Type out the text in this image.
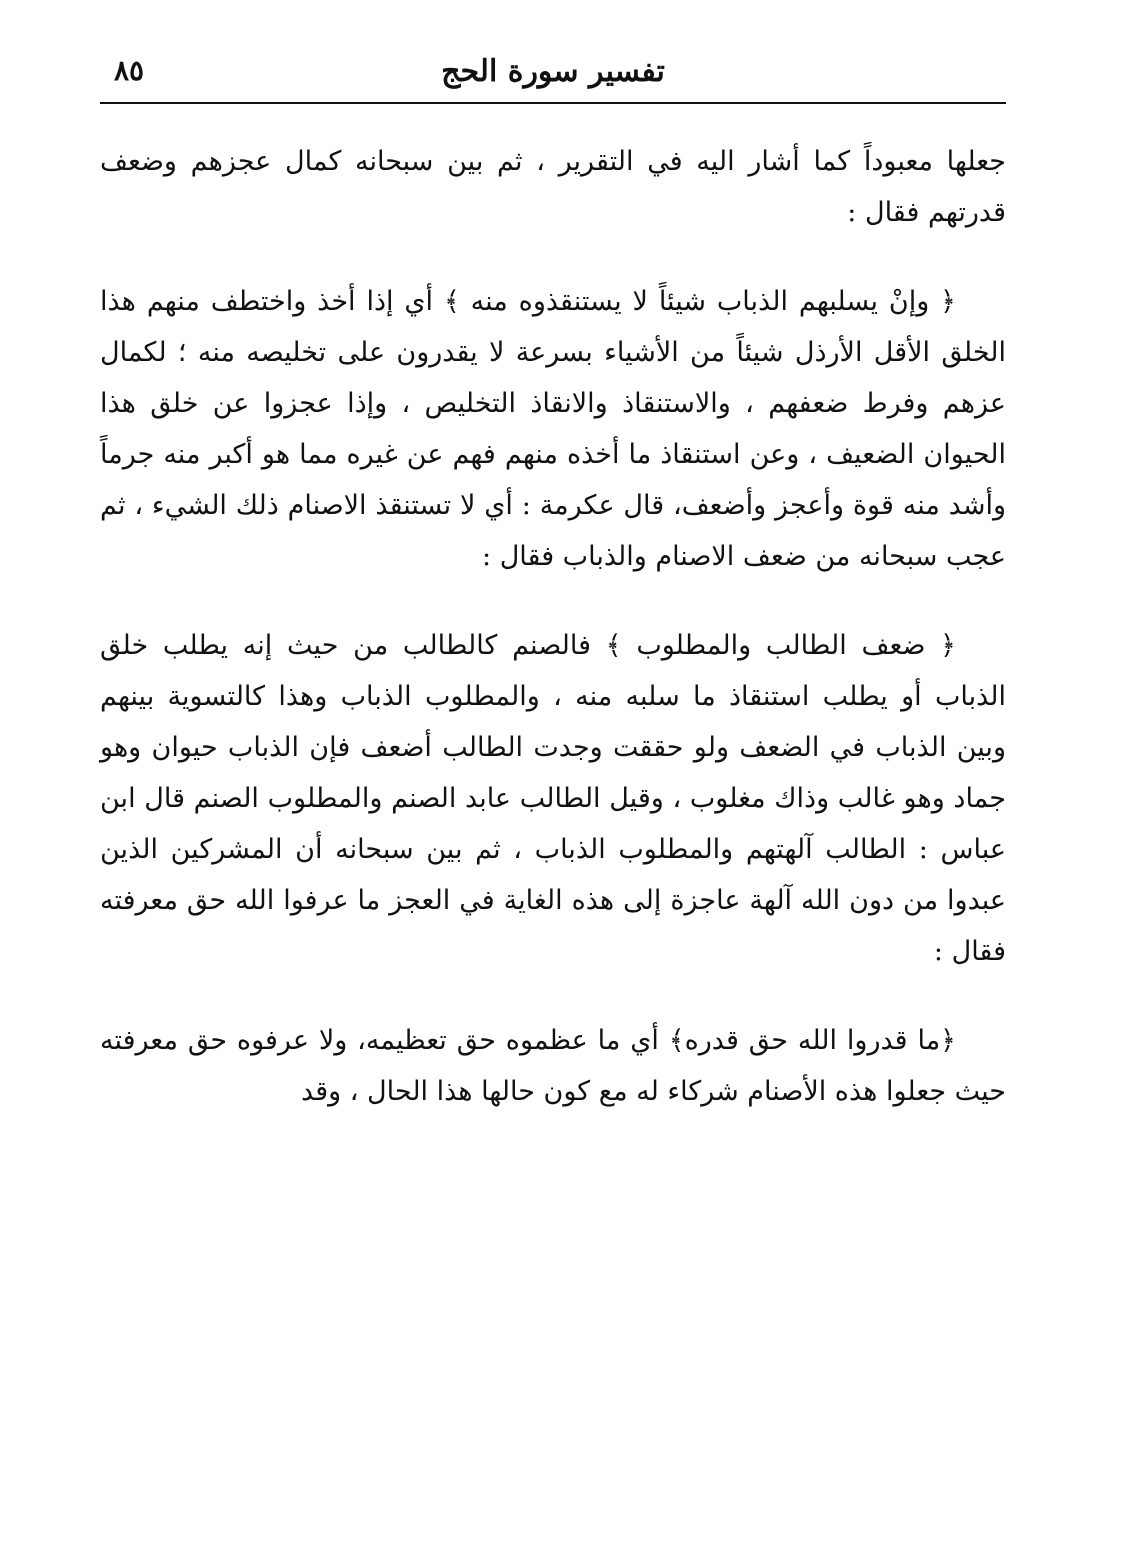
٨٥	تفسير سورة الحج

جعلها معبوداً كما أشار اليه في التقرير ، ثم بين سبحانه كمال عجزهم وضعف قدرتهم فقال :

﴿ وإنْ يسلبهم الذباب شيئاً لا يستنقذوه منه ﴾ أي إذا أخذ واختطف منهم هذا الخلق الأقل الأرذل شيئاً من الأشياء بسرعة لا يقدرون على تخليصه منه ؛ لكمال عزهم وفرط ضعفهم ، والاستنقاذ والانقاذ التخليص ، وإذا عجزوا عن خلق هذا الحيوان الضعيف ، وعن استنقاذ ما أخذه منهم فهم عن غيره مما هو أكبر منه جرماً وأشد منه قوة وأعجز وأضعف، قال عكرمة : أي لا تستنقذ الاصنام ذلك الشيء ، ثم عجب سبحانه من ضعف الاصنام والذباب فقال :

﴿ ضعف الطالب والمطلوب ﴾ فالصنم كالطالب من حيث إنه يطلب خلق الذباب أو يطلب استنقاذ ما سلبه منه ، والمطلوب الذباب وهذا كالتسوية بينهم وبين الذباب في الضعف ولو حققت وجدت الطالب أضعف فإن الذباب حيوان وهو جماد وهو غالب وذاك مغلوب ، وقيل الطالب عابد الصنم والمطلوب الصنم قال ابن عباس : الطالب آلهتهم والمطلوب الذباب ، ثم بين سبحانه أن المشركين الذين عبدوا من دون الله آلهة عاجزة إلى هذه الغاية في العجز ما عرفوا الله حق معرفته فقال :

﴿ما قدروا الله حق قدره﴾ أي ما عظموه حق تعظيمه، ولا عرفوه حق معرفته حيث جعلوا هذه الأصنام شركاء له مع كون حالها هذا الحال ، وقد
